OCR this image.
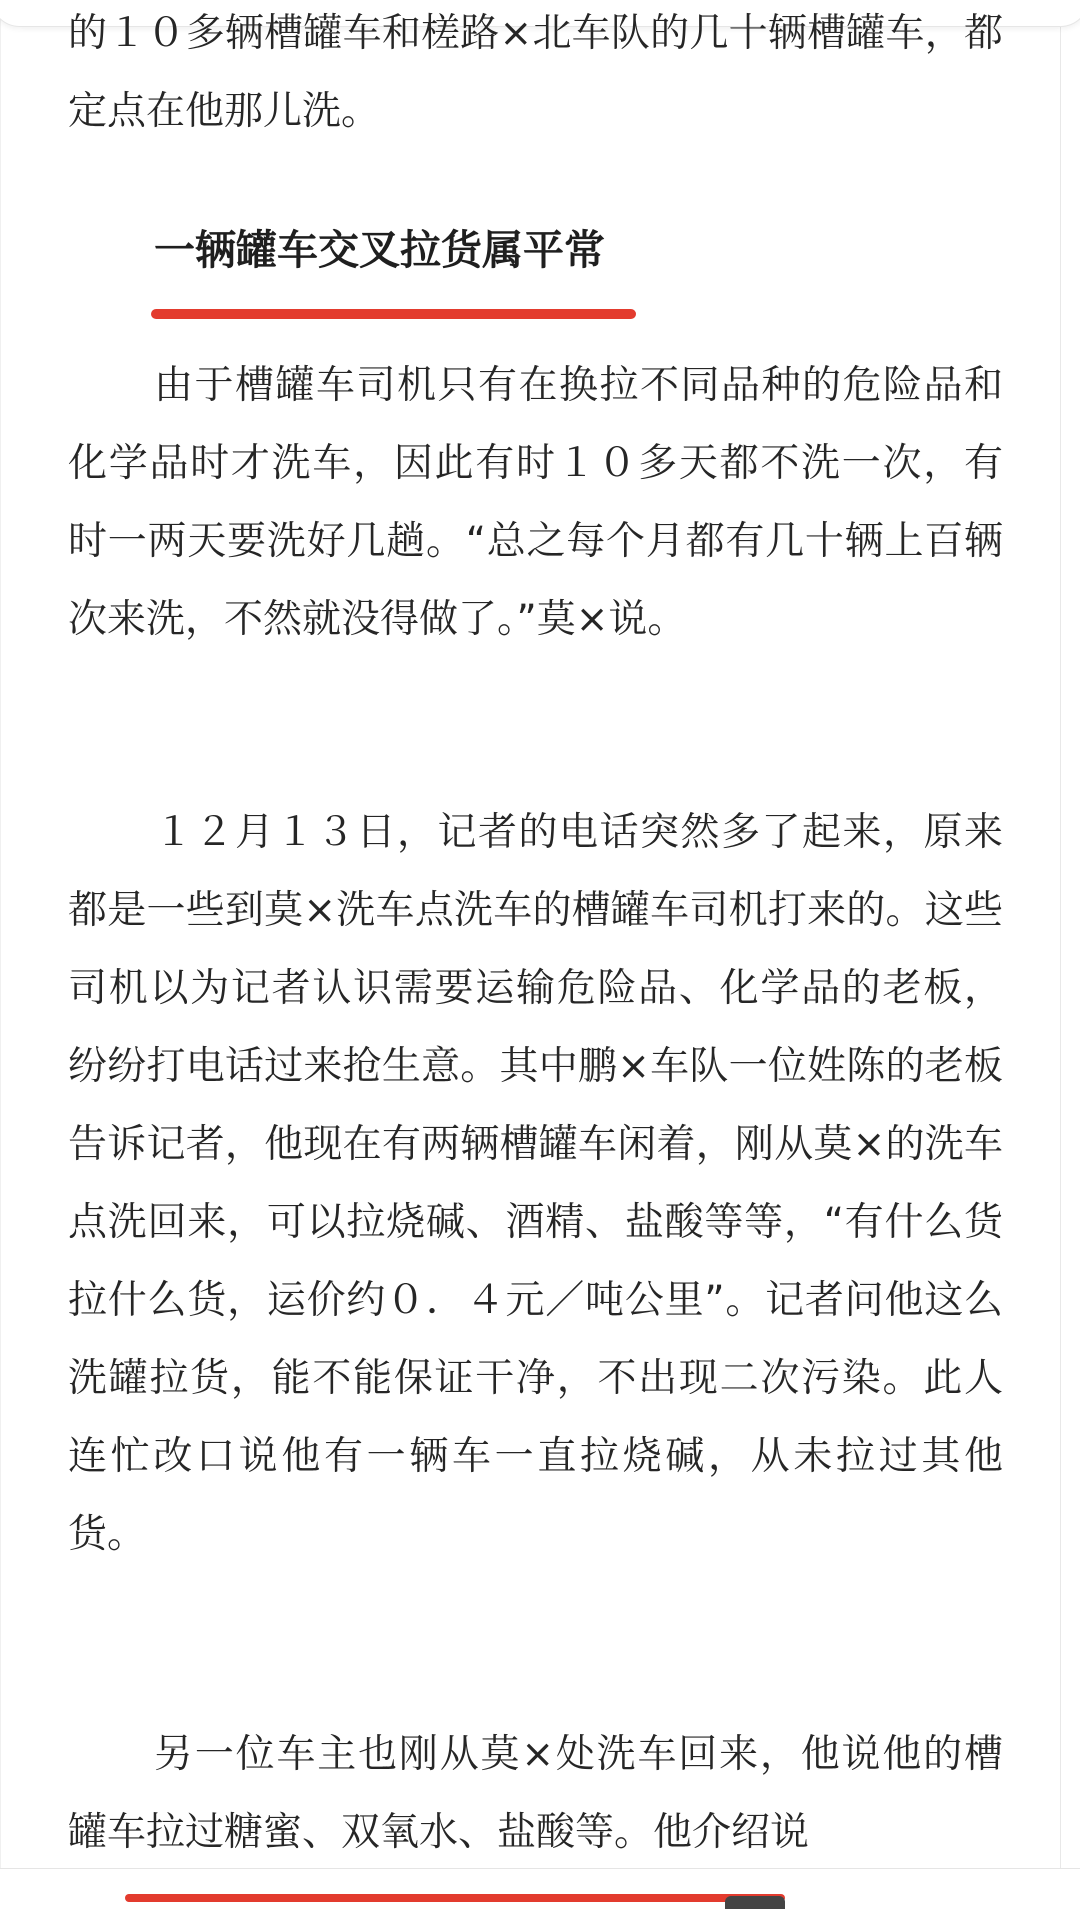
的１０多辆槽罐车和槎路×北车队的几十辆槽罐车，都定点在他那儿洗。

一辆罐车交叉拉货属平常

由于槽罐车司机只有在换拉不同品种的危险品和化学品时才洗车，因此有时１０多天都不洗一次，有时一两天要洗好几趟。“总之每个月都有几十辆上百辆次来洗，不然就没得做了。”莫×说。

１２月１３日，记者的电话突然多了起来，原来都是一些到莫×洗车点洗车的槽罐车司机打来的。这些司机以为记者认识需要运输危险品、化学品的老板，纷纷打电话过来抢生意。其中鹏×车队一位姓陈的老板告诉记者，他现在有两辆槽罐车闲着，刚从莫×的洗车点洗回来，可以拉烧碱、酒精、盐酸等等，“有什么货拉什么货，运价约０．４元／吨公里”。记者问他这么洗罐拉货，能不能保证干净，不出现二次污染。此人连忙改口说他有一辆车一直拉烧碱，从未拉过其他货。

另一位车主也刚从莫×处洗车回来，他说他的槽罐车拉过糖蜜、双氧水、盐酸等。他介绍说
